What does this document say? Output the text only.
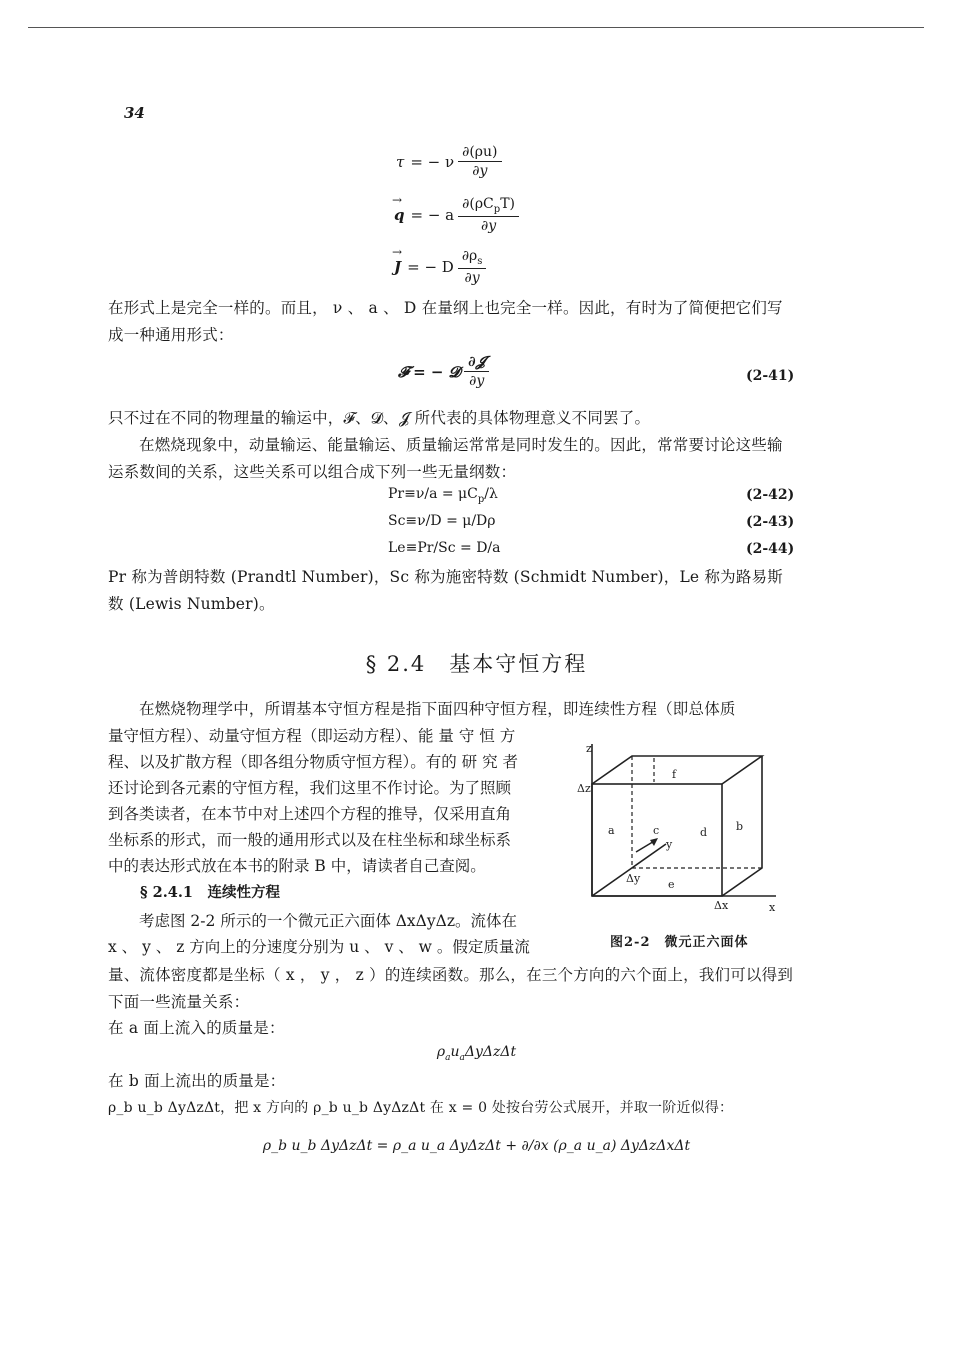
34
τ = − ν $\frac{\partial(\rho u)}{\partial y}$
→ q = − a $\frac{\partial(\rho C_pT)}{\partial y}$
→ J = − D $\frac{\partial\rho_s}{\partial y}$
在形式上是完全一样的。而且， ν 、 a 、 D 在量纲上也完全一样。因此，有时为了简便把它们写成一种通用形式：
𝓕 = − 𝓓 $\frac{\text{∂𝓙}}{\partial y}$	(2-41)
只不过在不同的物理量的输运中，𝓕、𝓓、𝓙 所代表的具体物理意义不同罢了。
在燃烧现象中，动量输运、能量输运、质量输运常常是同时发生的。因此，常常要讨论这些输运系数间的关系，这些关系可以组合成下列一些无量纲数：
$Pr\equiv\nu/a = \mu C_p/\lambda$	(2-42)
Sc≡ν/D = μ/Dρ	(2-43)
Le≡Pr/Sc = D/a	(2-44)
Pr 称为普朗特数 (Prandtl Number)，Sc 称为施密特数 (Schmidt Number)，Le 称为路易斯数 (Lewis Number)。
§ 2.4　基本守恒方程
在燃烧物理学中，所谓基本守恒方程是指下面四种守恒方程，即连续性方程（即总体质
量守恒方程）、动量守恒方程（即运动方程）、能 量 守 恒 方
程、以及扩散方程（即各组分物质守恒方程）。有的 研 究 者
还讨论到各元素的守恒方程，我们这里不作讨论。为了照顾
到各类读者，在本节中对上述四个方程的推导，仅采用直角
坐标系的形式，而一般的通用形式以及在柱坐标和球坐标系
中的表达形式放在本书的附录 B 中，请读者自己查阅。
§ 2.4.1　连续性方程
考虑图 2-2 所示的一个微元正六面体 ΔxΔyΔz。流体在
x 、 y 、 z 方向上的分速度分别为 u 、 v 、 w 。假定质量流
z
Δz
f
a	c	d	b
y
Δy	e
Δx	x
图2-2　微元正六面体
量、流体密度都是坐标（ x ， y ， z ）的连续函数。那么，在三个方向的六个面上，我们可以得到下面一些流量关系：
在 a 面上流入的质量是：
$\rho_au_a\Delta y\Delta z\Delta t$
在 b 面上流出的质量是：
ρ_b u_b ΔyΔzΔt，把 x 方向的 ρ_b u_b ΔyΔzΔt 在 x = 0 处按台劳公式展开，并取一阶近似得：
ρ_b u_b ΔyΔzΔt = ρ_a u_a ΔyΔzΔt + ∂/∂x (ρ_a u_a) ΔyΔzΔxΔt
